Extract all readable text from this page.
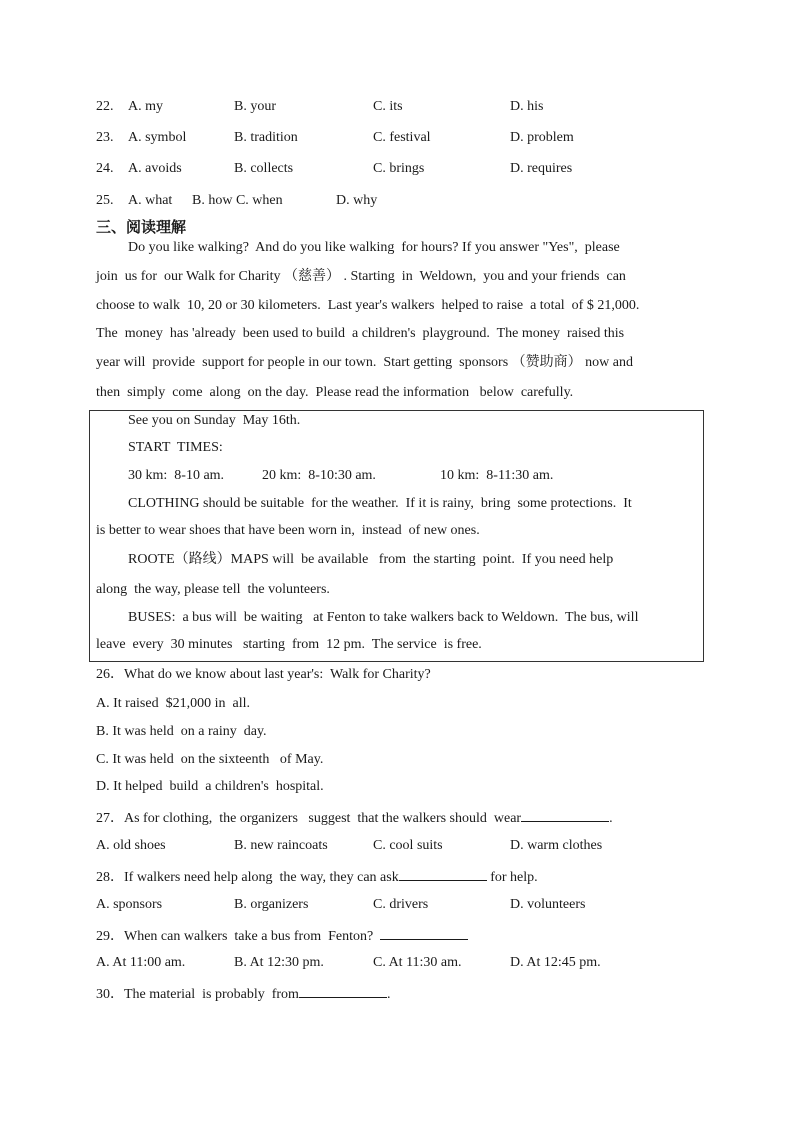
22. A. my	B. your	C. its	D. his
23. A. symbol	B. tradition	C. festival	D. problem
24. A. avoids	B. collects	C. brings	D. requires
25. A. what B. how C. when	D. why
三、阅读理解
Do you like walking?  And do you like walking  for hours? If you answer "Yes",  please
join  us for  our Walk for Charity （慈善） . Starting  in  Weldown,  you and your friends  can
choose to walk  10, 20 or 30 kilometers.  Last year's walkers  helped to raise  a total  of $ 21,000.
The  money  has 'already  been used to build  a children's  playground.  The money  raised this
year will  provide  support for people in our town.  Start getting  sponsors （赞助商） now and
then  simply  come  along  on the day.  Please read the information   below  carefully.
See you on Sunday  May 16th.
START  TIMES:
30 km:  8-10 am.	20 km:  8-10:30 am.	10 km:  8-11:30 am.
CLOTHING should be suitable  for the weather.  If it is rainy,  bring  some protections.  It
is better to wear shoes that have been worn in,  instead  of new ones.
ROOTE（路线）MAPS will  be available   from  the starting  point.  If you need help
along  the way, please tell  the volunteers.
BUSES:  a bus will  be waiting   at Fenton to take walkers back to Weldown.  The bus, will
leave  every  30 minutes   starting  from  12 pm.  The service  is free.
26．What do we know about last year's:  Walk for Charity?
A. It raised  $21,000 in  all.
B. It was held  on a rainy  day.
C. It was held  on the sixteenth   of May.
D. It helped  build  a children's  hospital.
27．As for clothing,  the organizers   suggest  that the walkers should  wear	.
A. old shoes	B. new raincoats	C. cool suits	D. warm clothes
28．If walkers need help along  the way, they can ask	for help.
A. sponsors	B. organizers	C. drivers	D. volunteers
29．When can walkers  take a bus from  Fenton?
A. At 11:00 am.	B. At 12:30 pm.	C. At 11:30 am.	D. At 12:45 pm.
30．The material  is probably  from	.
